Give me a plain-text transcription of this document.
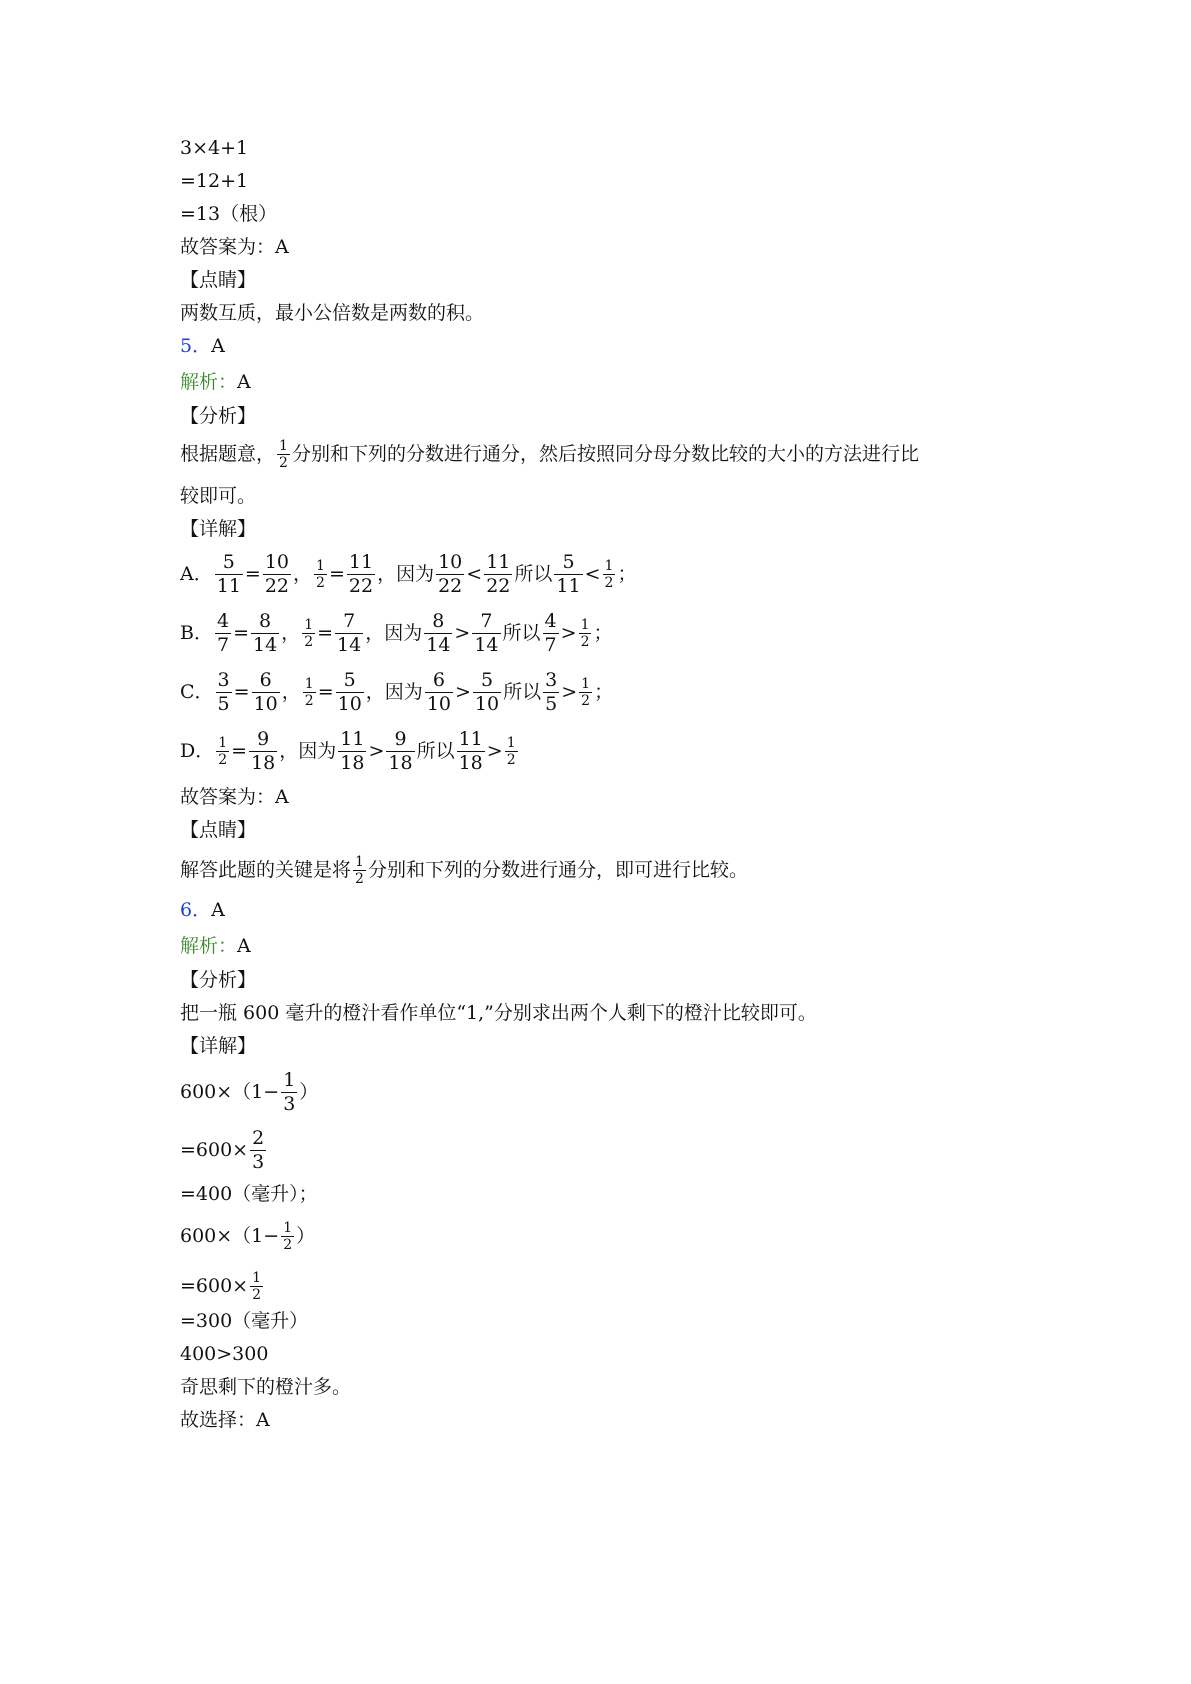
3×4+1
=12+1
=13（根）
故答案为：A
【点睛】
两数互质，最小公倍数是两数的积。
5．A
解析：A
【分析】
根据题意， $\frac{1}{2}$ 分别和下列的分数进行通分，然后按照同分母分数比较的大小的方法进行比
较即可。
【详解】
A． $\frac{5}{11} = \frac{10}{22}$ ， $\frac{1}{2} = \frac{11}{22}$ ，因为 $\frac{10}{22} < \frac{11}{22}$ 所以 $\frac{5}{11} < \frac{1}{2}$ ；
B． $\frac{4}{7} = \frac{8}{14}$ ， $\frac{1}{2} = \frac{7}{14}$ ，因为 $\frac{8}{14} > \frac{7}{14}$ 所以 $\frac{4}{7} > \frac{1}{2}$ ；
C． $\frac{3}{5} = \frac{6}{10}$ ， $\frac{1}{2} = \frac{5}{10}$ ，因为 $\frac{6}{10} > \frac{5}{10}$ 所以 $\frac{3}{5} > \frac{1}{2}$ ；
D． $\frac{1}{2} = \frac{9}{18}$ ，因为 $\frac{11}{18} > \frac{9}{18}$ 所以 $\frac{11}{18} > \frac{1}{2}$
故答案为：A
【点睛】
解答此题的关键是将 $\frac{1}{2}$ 分别和下列的分数进行通分，即可进行比较。
6．A
解析：A
【分析】
把一瓶 600 毫升的橙汁看作单位“1,”分别求出两个人剩下的橙汁比较即可。
【详解】
$600\times(1- \frac{1}{3}$ ）
$=600\times \frac{2}{3}$
=400（毫升）；
$600\times(1- \frac{1}{2}$ ）
$=600\times \frac{1}{2}$
=300（毫升）
400>300
奇思剩下的橙汁多。
故选择：A
